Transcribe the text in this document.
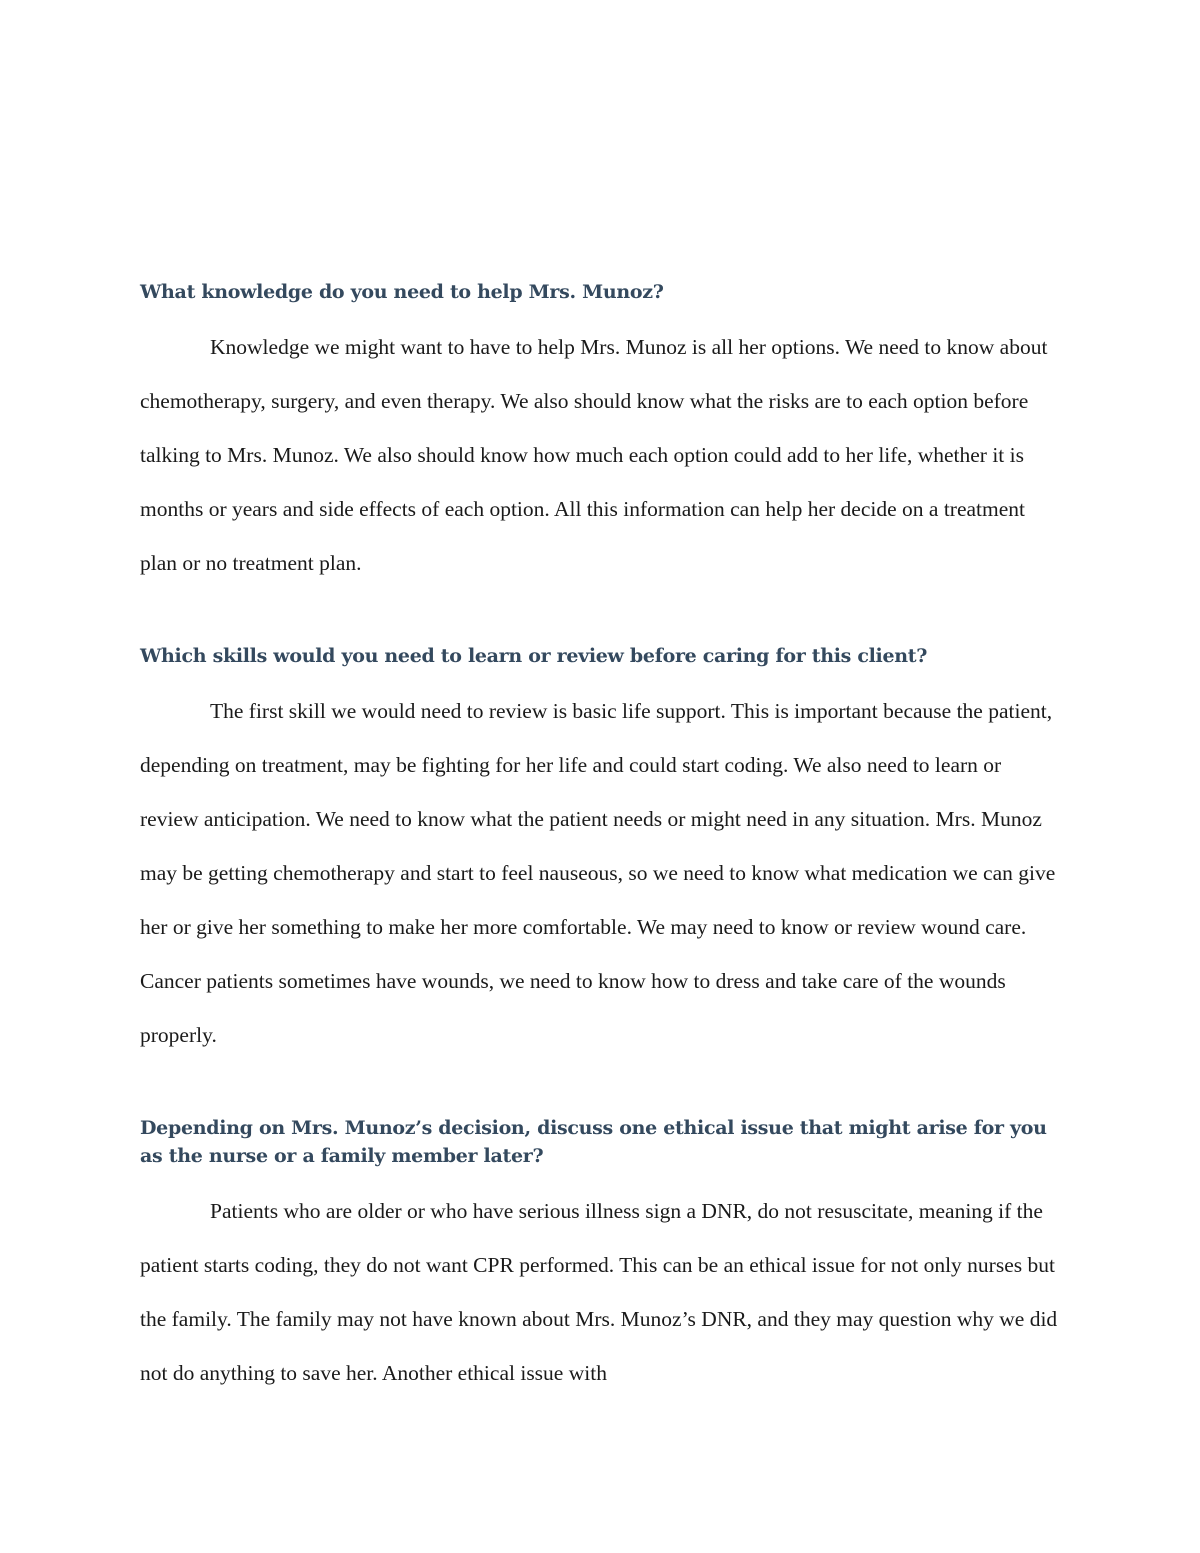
What knowledge do you need to help Mrs. Munoz?

Knowledge we might want to have to help Mrs. Munoz is all her options. We need to know about chemotherapy, surgery, and even therapy. We also should know what the risks are to each option before talking to Mrs. Munoz. We also should know how much each option could add to her life, whether it is months or years and side effects of each option. All this information can help her decide on a treatment plan or no treatment plan.

Which skills would you need to learn or review before caring for this client?

The first skill we would need to review is basic life support. This is important because the patient, depending on treatment, may be fighting for her life and could start coding. We also need to learn or review anticipation. We need to know what the patient needs or might need in any situation. Mrs. Munoz may be getting chemotherapy and start to feel nauseous, so we need to know what medication we can give her or give her something to make her more comfortable. We may need to know or review wound care. Cancer patients sometimes have wounds, we need to know how to dress and take care of the wounds properly.

Depending on Mrs. Munoz’s decision, discuss one ethical issue that might arise for you as the nurse or a family member later?

Patients who are older or who have serious illness sign a DNR, do not resuscitate, meaning if the patient starts coding, they do not want CPR performed. This can be an ethical issue for not only nurses but the family. The family may not have known about Mrs. Munoz’s DNR, and they may question why we did not do anything to save her. Another ethical issue with
